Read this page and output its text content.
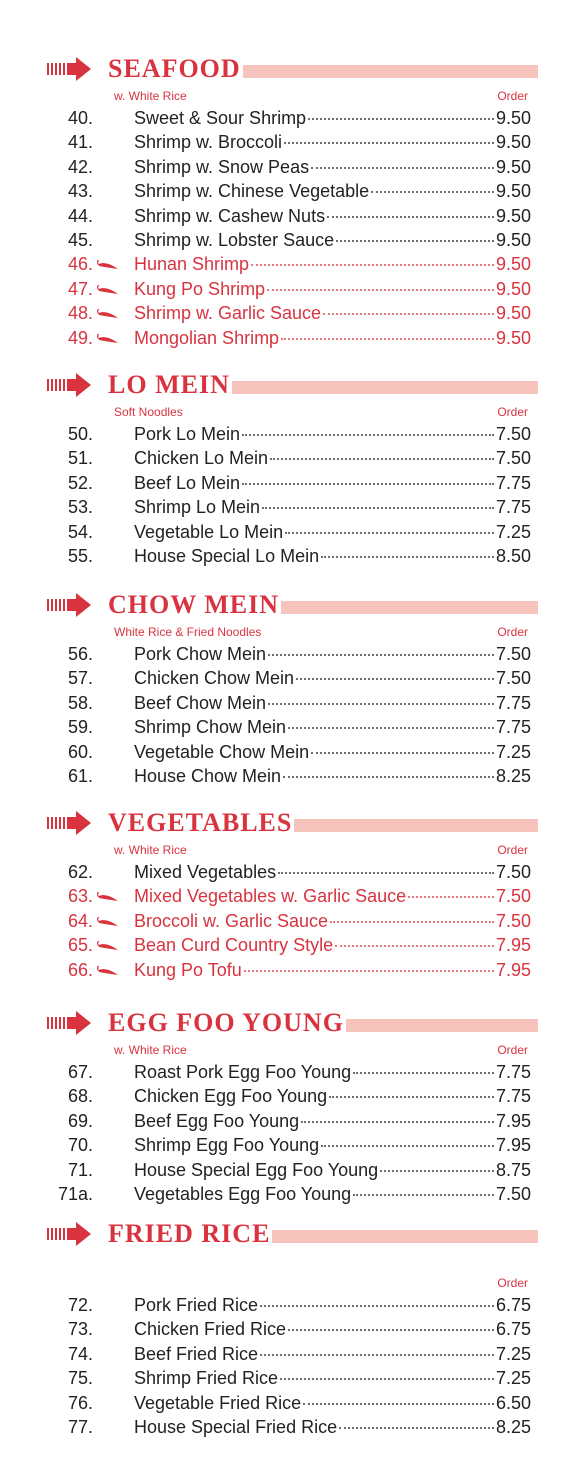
SEAFOOD
w. White Rice	Order
40. Sweet & Sour Shrimp	9.50
41. Shrimp w. Broccoli	9.50
42. Shrimp w. Snow Peas	9.50
43. Shrimp w. Chinese Vegetable	9.50
44. Shrimp w. Cashew Nuts	9.50
45. Shrimp w. Lobster Sauce	9.50
46. Hunan Shrimp	9.50
47. Kung Po Shrimp	9.50
48. Shrimp w. Garlic Sauce	9.50
49. Mongolian Shrimp	9.50
LO MEIN
Soft Noodles	Order
50. Pork Lo Mein	7.50
51. Chicken Lo Mein	7.50
52. Beef Lo Mein	7.75
53. Shrimp Lo Mein	7.75
54. Vegetable Lo Mein	7.25
55. House Special Lo Mein	8.50
CHOW MEIN
White Rice & Fried Noodles	Order
56. Pork Chow Mein	7.50
57. Chicken Chow Mein	7.50
58. Beef Chow Mein	7.75
59. Shrimp Chow Mein	7.75
60. Vegetable Chow Mein	7.25
61. House Chow Mein	8.25
VEGETABLES
w. White Rice	Order
62. Mixed Vegetables	7.50
63. Mixed Vegetables w. Garlic Sauce	7.50
64. Broccoli w. Garlic Sauce	7.50
65. Bean Curd Country Style	7.95
66. Kung Po Tofu	7.95
EGG FOO YOUNG
w. White Rice	Order
67. Roast Pork Egg Foo Young	7.75
68. Chicken Egg Foo Young	7.75
69. Beef Egg Foo Young	7.95
70. Shrimp Egg Foo Young	7.95
71. House Special Egg Foo Young	8.75
71a. Vegetables Egg Foo Young	7.50
FRIED RICE
Order
72. Pork Fried Rice	6.75
73. Chicken Fried Rice	6.75
74. Beef Fried Rice	7.25
75. Shrimp Fried Rice	7.25
76. Vegetable Fried Rice	6.50
77. House Special Fried Rice	8.25
